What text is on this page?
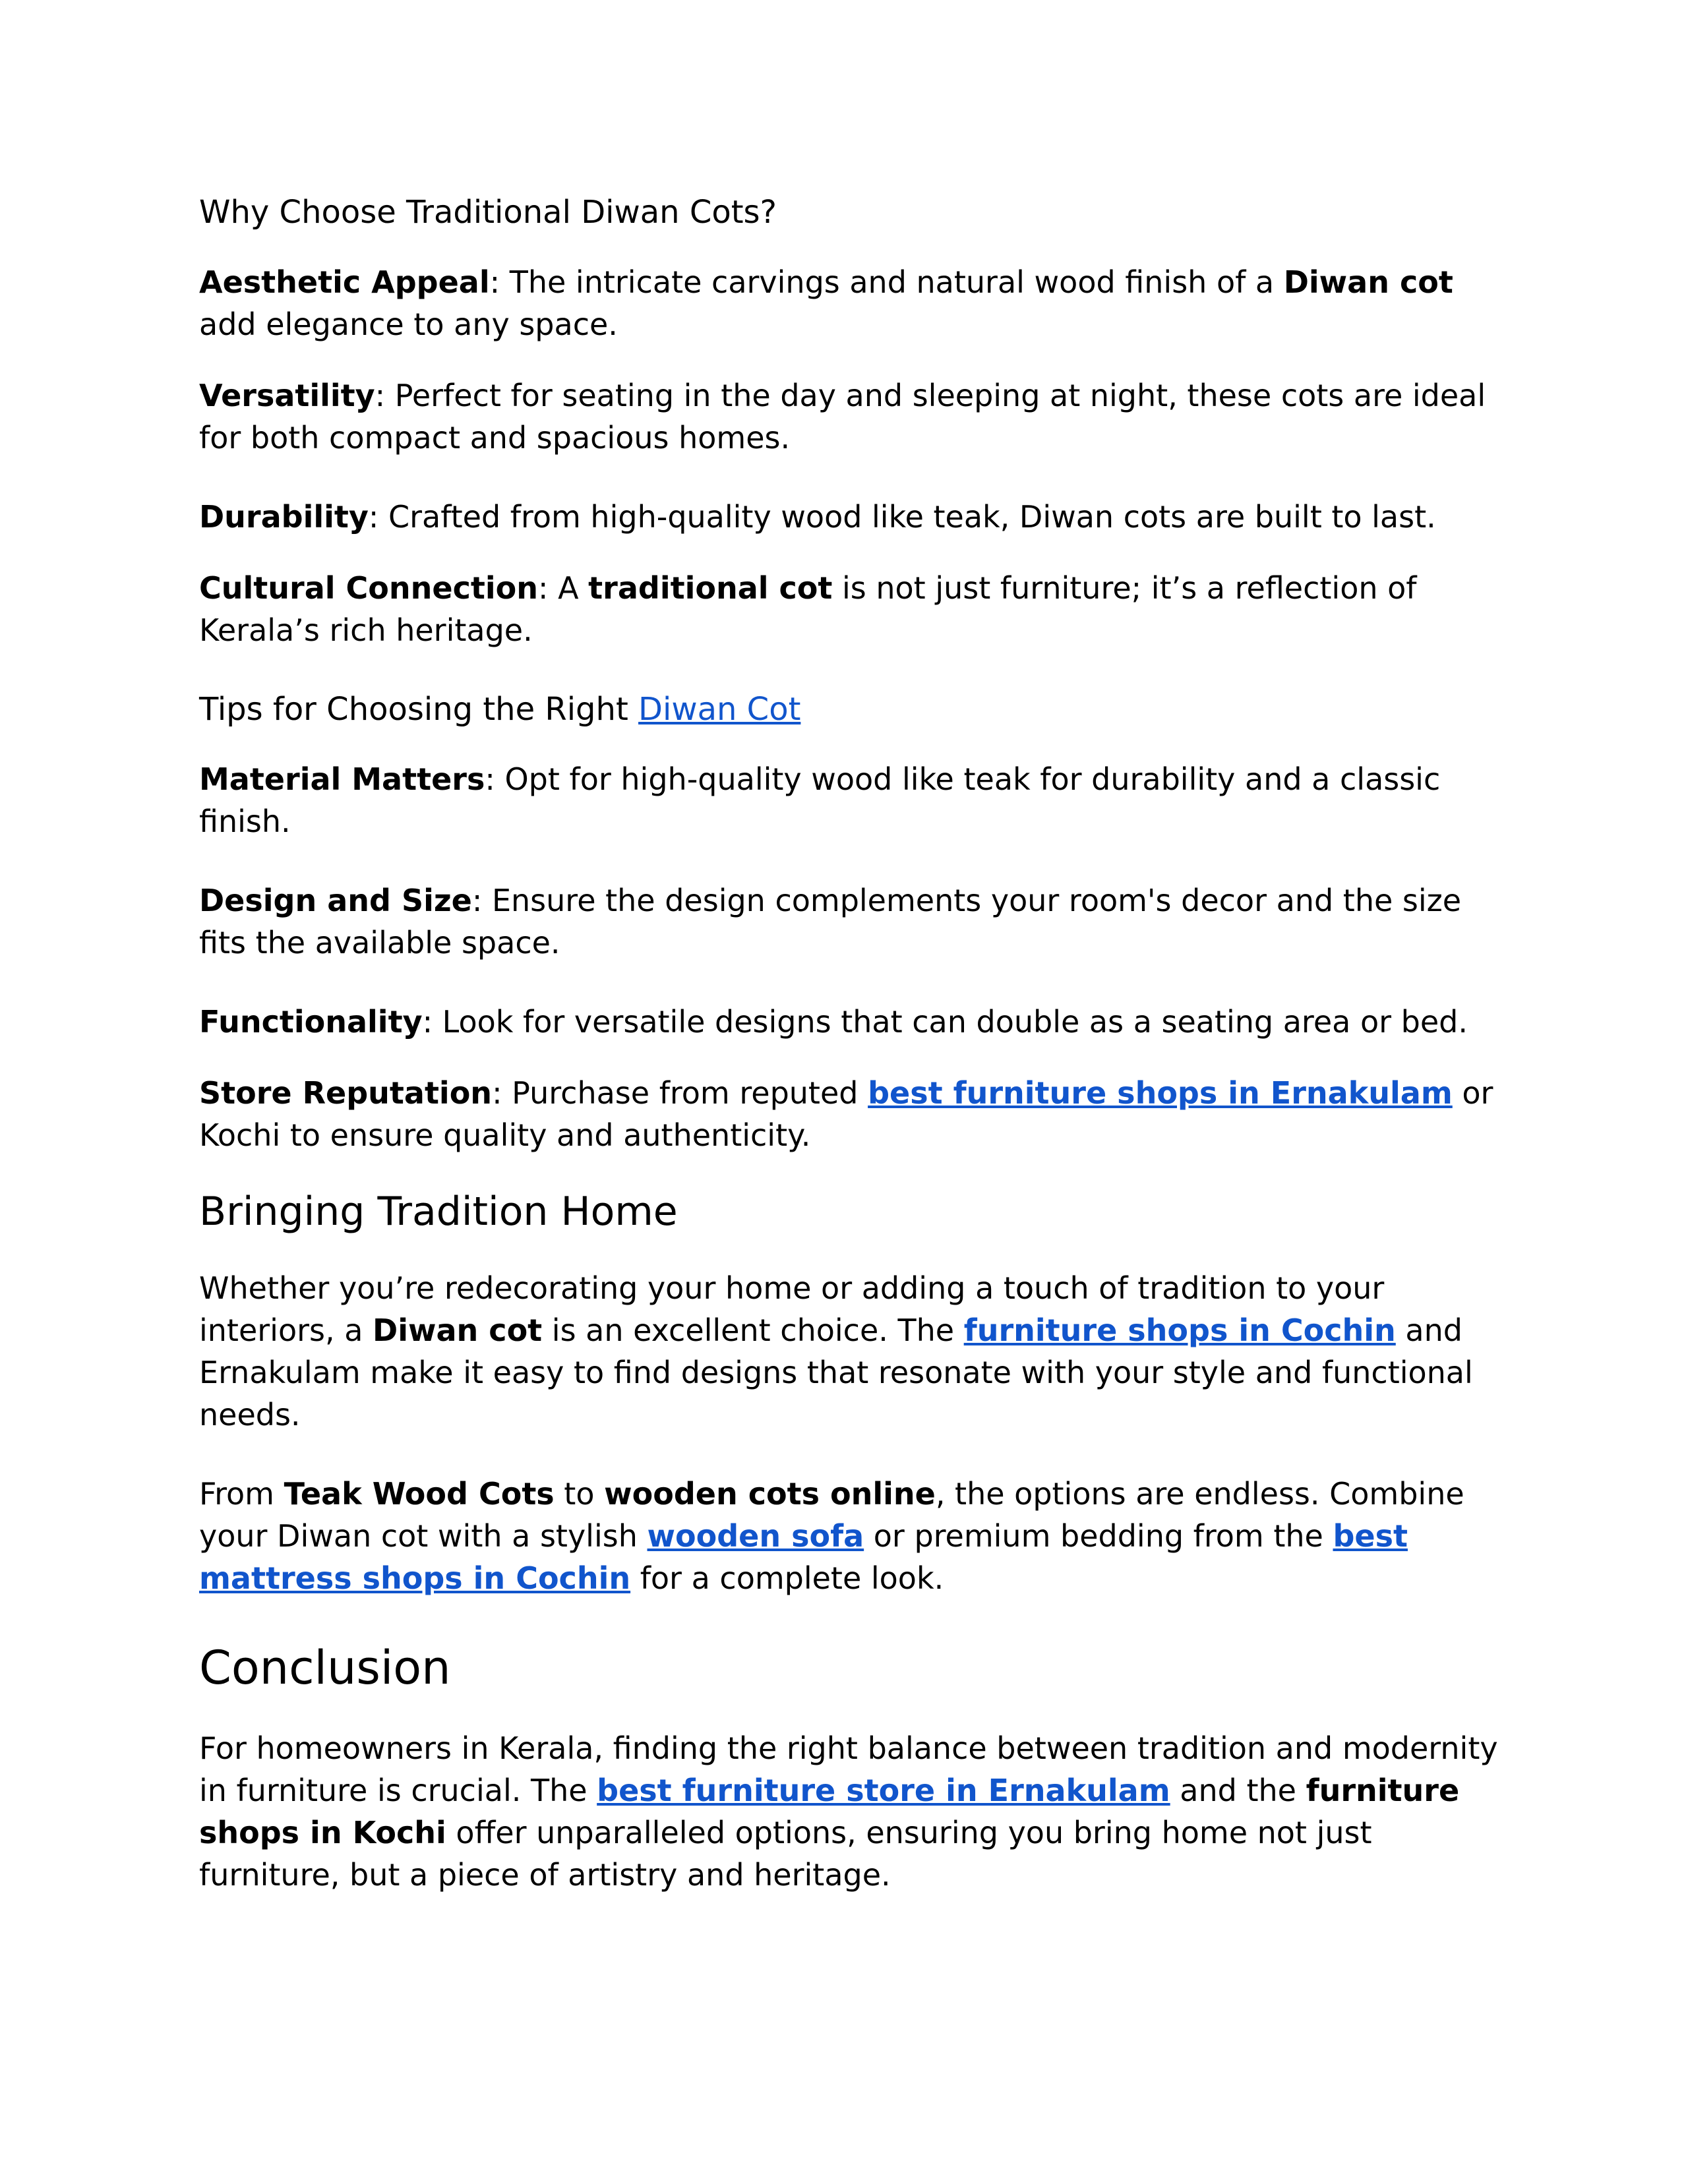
Why Choose Traditional Diwan Cots?

Aesthetic Appeal: The intricate carvings and natural wood finish of a Diwan cot add elegance to any space.

Versatility: Perfect for seating in the day and sleeping at night, these cots are ideal for both compact and spacious homes.

Durability: Crafted from high-quality wood like teak, Diwan cots are built to last.

Cultural Connection: A traditional cot is not just furniture; it’s a reflection of Kerala’s rich heritage.

Tips for Choosing the Right Diwan Cot

Material Matters: Opt for high-quality wood like teak for durability and a classic finish.

Design and Size: Ensure the design complements your room's decor and the size fits the available space.

Functionality: Look for versatile designs that can double as a seating area or bed.

Store Reputation: Purchase from reputed best furniture shops in Ernakulam or Kochi to ensure quality and authenticity.

Bringing Tradition Home

Whether you’re redecorating your home or adding a touch of tradition to your interiors, a Diwan cot is an excellent choice. The furniture shops in Cochin and Ernakulam make it easy to find designs that resonate with your style and functional needs.

From Teak Wood Cots to wooden cots online, the options are endless. Combine your Diwan cot with a stylish wooden sofa or premium bedding from the best mattress shops in Cochin for a complete look.

Conclusion

For homeowners in Kerala, finding the right balance between tradition and modernity in furniture is crucial. The best furniture store in Ernakulam and the furniture shops in Kochi offer unparalleled options, ensuring you bring home not just furniture, but a piece of artistry and heritage.
